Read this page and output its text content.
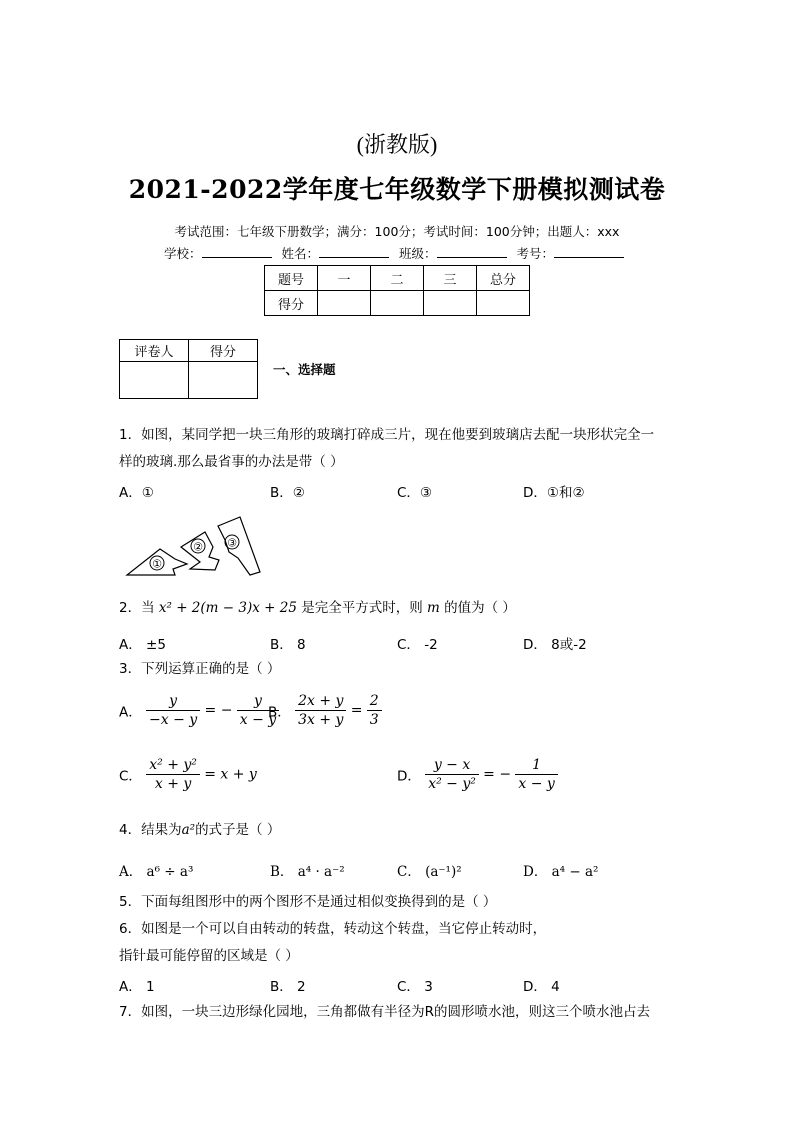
(浙教版)
2021-2022学年度七年级数学下册模拟测试卷
考试范围：七年级下册数学；满分：100分；考试时间：100分钟；出题人：xxx
学校：	姓名：	班级：	考号：
题号	一	二	三	总分
得分				
评卷人	得分

一、选择题
1．如图，某同学把一块三角形的玻璃打碎成三片，现在他要到玻璃店去配一块形状完全一
样的玻璃.那么最省事的办法是带（ ）
A．①	B．②	C．③	D．①和②
①
② ③
2．当 x² + 2(m − 3)x + 25 是完全平方式时，则 m 的值为（ ）
A． ±5	B． 8	C． -2	D． 8或-2
3．下列运算正确的是（ ）
A． $\frac{y}{-x - y}$ = − $\frac{y}{x - y}$
B． $\frac{2x + y}{3x + y} = \frac{2}{3}$
C． $\frac{\text{x² + y²}}{x + y} = x + y$	D． $\frac{y - x}{\text{x² − y²}}$ = − $\frac{1}{x - y}$
4．结果为a²的式子是（ ）
A． a⁶ ÷ a³	B． a⁴ · a⁻²	C． (a⁻¹)²	D． a⁴ − a²
5．下面每组图形中的两个图形不是通过相似变换得到的是（ ）
6．如图是一个可以自由转动的转盘，转动这个转盘，当它停止转动时，
指针最可能停留的区域是（ ）
A． 1	B． 2	C． 3	D． 4
7．如图，一块三边形绿化园地，三角都做有半径为R的圆形喷水池，则这三个喷水池占去
